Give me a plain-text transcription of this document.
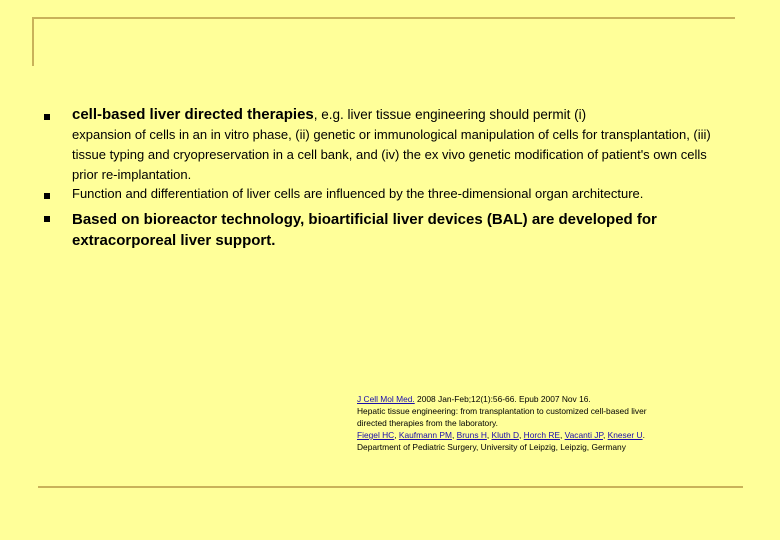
cell-based liver directed therapies, e.g. liver tissue engineering should permit (i)
expansion of cells in an in vitro phase, (ii) genetic or immunological manipulation of cells for transplantation, (iii) tissue typing and cryopreservation in a cell bank, and (iv) the ex vivo genetic modification of patient's own cells prior re-implantation.
Function and differentiation of liver cells are influenced by the three-dimensional organ architecture.
Based on bioreactor technology, bioartificial liver devices (BAL) are developed for extracorporeal liver support.
J Cell Mol Med. 2008 Jan-Feb;12(1):56-66. Epub 2007 Nov 16.
Hepatic tissue engineering: from transplantation to customized cell-based liver
directed therapies from the laboratory.
Fiegel HC, Kaufmann PM, Bruns H, Kluth D, Horch RE, Vacanti JP, Kneser U.
Department of Pediatric Surgery, University of Leipzig, Leipzig, Germany
